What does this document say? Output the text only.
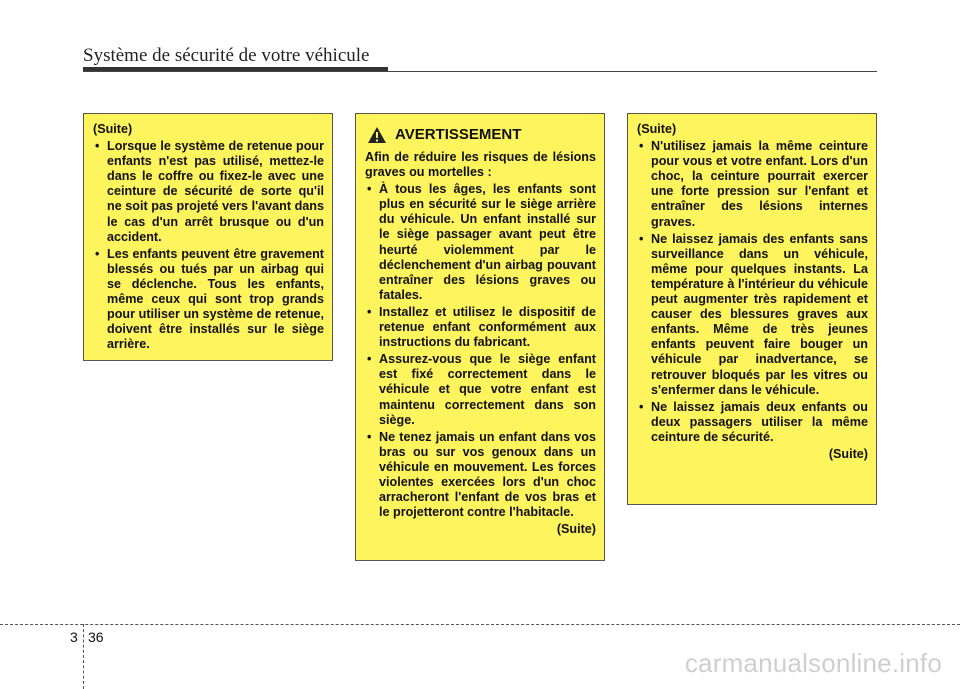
Système de sécurité de votre véhicule

(Suite)

• Lorsque le système de retenue pour enfants n'est pas utilisé, mettez-le dans le coffre ou fixez-le avec une ceinture de sécurité de sorte qu'il ne soit pas projeté vers l'avant dans le cas d'un arrêt brusque ou d'un accident.
• Les enfants peuvent être gravement blessés ou tués par un airbag qui se déclenche. Tous les enfants, même ceux qui sont trop grands pour utiliser un système de retenue, doivent être installés sur le siège arrière.
AVERTISSEMENT

Afin de réduire les risques de lésions graves ou mortelles :

• À tous les âges, les enfants sont plus en sécurité sur le siège arrière du véhicule. Un enfant installé sur le siège passager avant peut être heurté violemment par le déclenchement d'un airbag pouvant entraîner des lésions graves ou fatales.
• Installez et utilisez le dispositif de retenue enfant conformément aux instructions du fabricant.
• Assurez-vous que le siège enfant est fixé correctement dans le véhicule et que votre enfant est maintenu correctement dans son siège.
• Ne tenez jamais un enfant dans vos bras ou sur vos genoux dans un véhicule en mouvement. Les forces violentes exercées lors d'un choc arracheront l'enfant de vos bras et le projetteront contre l'habitacle.

(Suite)

(Suite)

• N'utilisez jamais la même ceinture pour vous et votre enfant. Lors d'un choc, la ceinture pourrait exercer une forte pression sur l'enfant et entraîner des lésions internes graves.
• Ne laissez jamais des enfants sans surveillance dans un véhicule, même pour quelques instants. La température à l'intérieur du véhicule peut augmenter très rapidement et causer des blessures graves aux enfants. Même de très jeunes enfants peuvent faire bouger un véhicule par inadvertance, se retrouver bloqués par les vitres ou s'enfermer dans le véhicule.
• Ne laissez jamais deux enfants ou deux passagers utiliser la même ceinture de sécurité.

(Suite)

3 36
carmanualsonline.info
